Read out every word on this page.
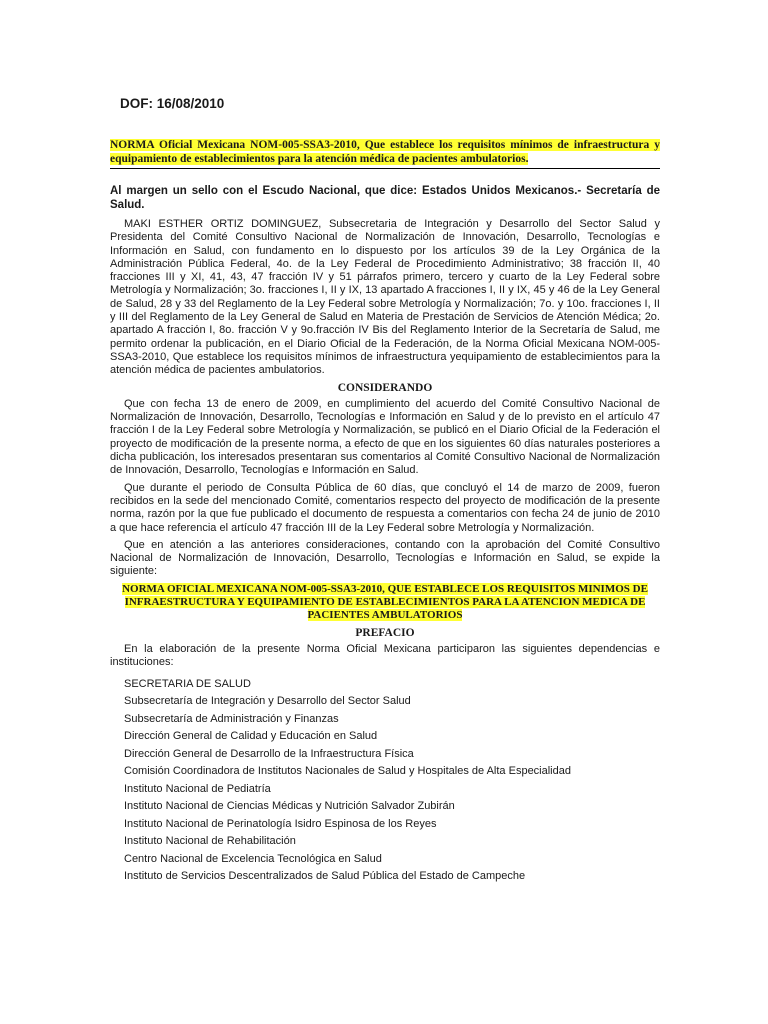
DOF: 16/08/2010
NORMA Oficial Mexicana NOM-005-SSA3-2010, Que establece los requisitos mínimos de infraestructura y equipamiento de establecimientos para la atención médica de pacientes ambulatorios.

Al margen un sello con el Escudo Nacional, que dice: Estados Unidos Mexicanos.- Secretaría de Salud.

MAKI ESTHER ORTIZ DOMINGUEZ, Subsecretaria de Integración y Desarrollo del Sector Salud y Presidenta del Comité Consultivo Nacional de Normalización de Innovación, Desarrollo, Tecnologías e Información en Salud, con fundamento en lo dispuesto por los artículos 39 de la Ley Orgánica de la Administración Pública Federal, 4o. de la Ley Federal de Procedimiento Administrativo; 38 fracción II, 40 fracciones III y XI, 41, 43, 47 fracción IV y 51 párrafos primero, tercero y cuarto de la Ley Federal sobre Metrología y Normalización; 3o. fracciones I, II y IX, 13 apartado A fracciones I, II y IX, 45 y 46 de la Ley General de Salud, 28 y 33 del Reglamento de la Ley Federal sobre Metrología y Normalización; 7o. y 10o. fracciones I, II y III del Reglamento de la Ley General de Salud en Materia de Prestación de Servicios de Atención Médica; 2o. apartado A fracción I, 8o. fracción V y 9o.fracción IV Bis del Reglamento Interior de la Secretaría de Salud, me permito ordenar la publicación, en el Diario Oficial de la Federación, de la Norma Oficial Mexicana NOM-005-SSA3-2010, Que establece los requisitos mínimos de infraestructura yequipamiento de establecimientos para la atención médica de pacientes ambulatorios.

CONSIDERANDO

Que con fecha 13 de enero de 2009, en cumplimiento del acuerdo del Comité Consultivo Nacional de Normalización de Innovación, Desarrollo, Tecnologías e Información en Salud y de lo previsto en el artículo 47 fracción I de la Ley Federal sobre Metrología y Normalización, se publicó en el Diario Oficial de la Federación el proyecto de modificación de la presente norma, a efecto de que en los siguientes 60 días naturales posteriores a dicha publicación, los interesados presentaran sus comentarios al Comité Consultivo Nacional de Normalización de Innovación, Desarrollo, Tecnologías e Información en Salud.

Que durante el periodo de Consulta Pública de 60 días, que concluyó el 14 de marzo de 2009, fueron recibidos en la sede del mencionado Comité, comentarios respecto del proyecto de modificación de la presente norma, razón por la que fue publicado el documento de respuesta a comentarios con fecha 24 de junio de 2010 a que hace referencia el artículo 47 fracción III de la Ley Federal sobre Metrología y Normalización.

Que en atención a las anteriores consideraciones, contando con la aprobación del Comité Consultivo Nacional de Normalización de Innovación, Desarrollo, Tecnologías e Información en Salud, se expide la siguiente:

NORMA OFICIAL MEXICANA NOM-005-SSA3-2010, QUE ESTABLECE LOS REQUISITOS MINIMOS DE INFRAESTRUCTURA Y EQUIPAMIENTO DE ESTABLECIMIENTOS PARA LA ATENCION MEDICA DE PACIENTES AMBULATORIOS

PREFACIO

En la elaboración de la presente Norma Oficial Mexicana participaron las siguientes dependencias e instituciones:

SECRETARIA DE SALUD
Subsecretaría de Integración y Desarrollo del Sector Salud
Subsecretaría de Administración y Finanzas
Dirección General de Calidad y Educación en Salud
Dirección General de Desarrollo de la Infraestructura Física
Comisión Coordinadora de Institutos Nacionales de Salud y Hospitales de Alta Especialidad
Instituto Nacional de Pediatría
Instituto Nacional de Ciencias Médicas y Nutrición Salvador Zubirán
Instituto Nacional de Perinatología Isidro Espinosa de los Reyes
Instituto Nacional de Rehabilitación
Centro Nacional de Excelencia Tecnológica en Salud
Instituto de Servicios Descentralizados de Salud Pública del Estado de Campeche
